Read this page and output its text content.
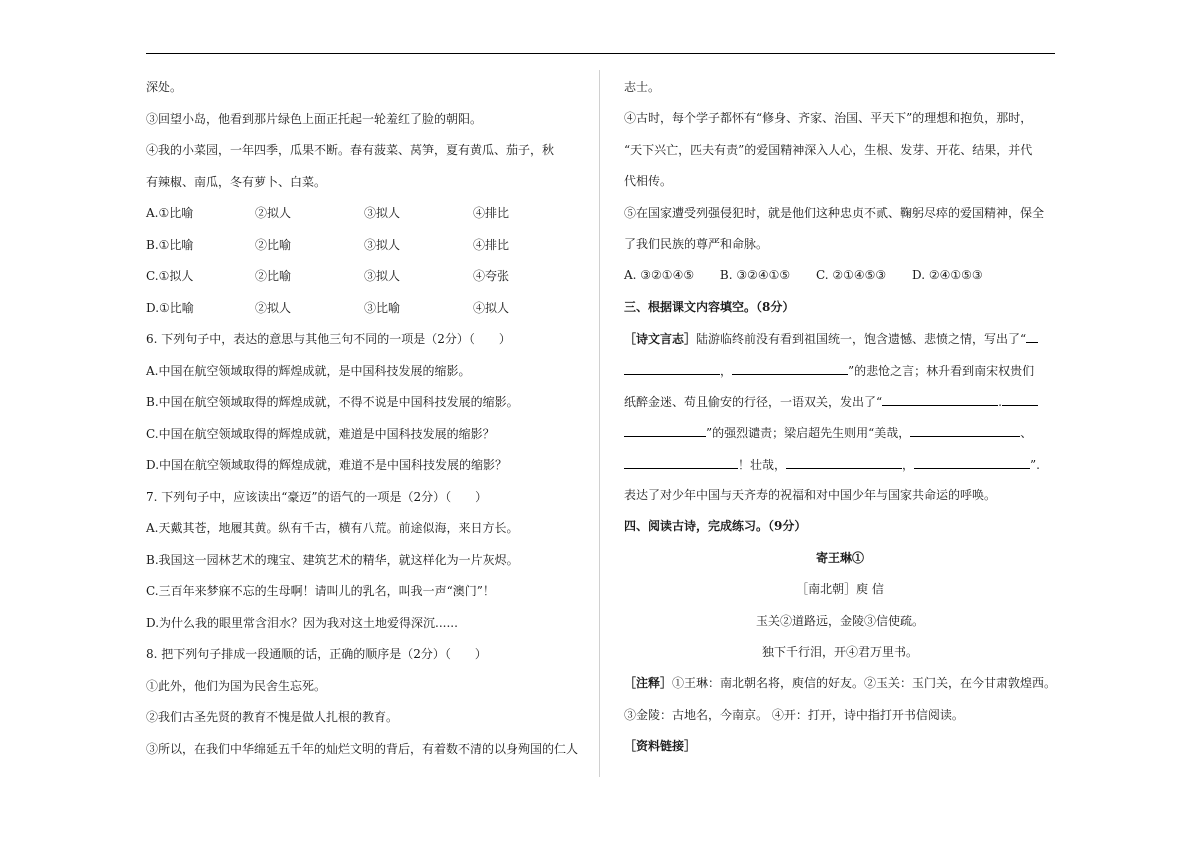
深处。
③回望小岛，他看到那片绿色上面正托起一轮羞红了脸的朝阳。
④我的小菜园，一年四季，瓜果不断。春有菠菜、莴笋，夏有黄瓜、茄子，秋
有辣椒、南瓜，冬有萝卜、白菜。
A.①比喻	②拟人	③拟人	④排比
B.①比喻	②比喻	③拟人	④排比
C.①拟人	②比喻	③拟人	④夸张
D.①比喻	②拟人	③比喻	④拟人
6. 下列句子中，表达的意思与其他三句不同的一项是（2分）（　　）
A.中国在航空领域取得的辉煌成就，是中国科技发展的缩影。
B.中国在航空领域取得的辉煌成就，不得不说是中国科技发展的缩影。
C.中国在航空领域取得的辉煌成就，难道是中国科技发展的缩影？
D.中国在航空领域取得的辉煌成就，难道不是中国科技发展的缩影？
7. 下列句子中，应该读出“豪迈”的语气的一项是（2分）（　　）
A.天戴其苍，地履其黄。纵有千古，横有八荒。前途似海，来日方长。
B.我国这一园林艺术的瑰宝、建筑艺术的精华，就这样化为一片灰烬。
C.三百年来梦寐不忘的生母啊！请叫儿的乳名，叫我一声“澳门”！
D.为什么我的眼里常含泪水？因为我对这土地爱得深沉......
8. 把下列句子排成一段通顺的话，正确的顺序是（2分）（　　）
①此外，他们为国为民舍生忘死。
②我们古圣先贤的教育不愧是做人扎根的教育。
③所以，在我们中华绵延五千年的灿烂文明的背后，有着数不清的以身殉国的仁人
志士。
④古时，每个学子都怀有“修身、齐家、治国、平天下”的理想和抱负，那时，
“天下兴亡，匹夫有责”的爱国精神深入人心，生根、发芽、开花、结果，并代
代相传。
⑤在国家遭受列强侵犯时，就是他们这种忠贞不贰、鞠躬尽瘁的爱国精神，保全
了我们民族的尊严和命脉。
A. ③②①④⑤ B. ③②④①⑤ C. ②①④⑤③ D. ②④①⑤③
三、根据课文内容填空。（8分）
［诗文言志］陆游临终前没有看到祖国统一，饱含遗憾、悲愤之情，写出了“
，	”的悲怆之言；林升看到南宋权贵们
纸醉金迷、苟且偷安的行径，一语双关，发出了“	.
”的强烈谴责；梁启超先生则用“美哉，	、
！壮哉，	，	”.
表达了对少年中国与天齐寿的祝福和对中国少年与国家共命运的呼唤。
四、阅读古诗，完成练习。（9分）
寄王琳①
［南北朝］庾 信
玉关②道路远，金陵③信使疏。
独下千行泪，开④君万里书。
［注释］①王琳：南北朝名将，庾信的好友。②玉关：玉门关，在今甘肃敦煌西。
③金陵：古地名，今南京。 ④开：打开，诗中指打开书信阅读。
［资料链接］
